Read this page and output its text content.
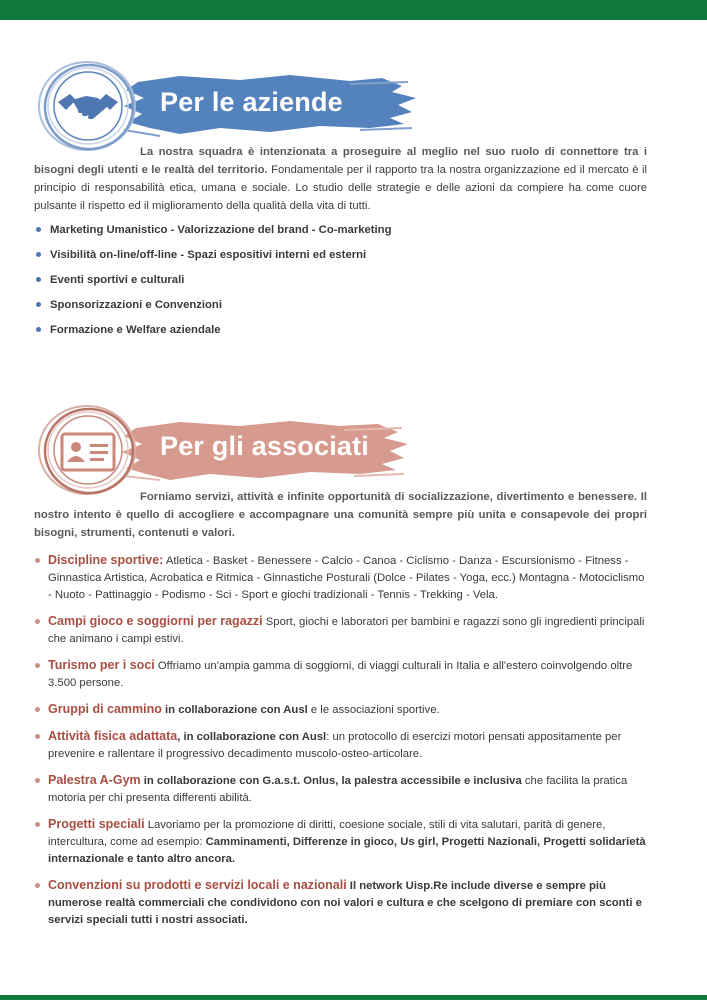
Per le aziende

La nostra squadra è intenzionata a proseguire al meglio nel suo ruolo di connettore tra i bisogni degli utenti e le realtà del territorio. Fondamentale per il rapporto tra la nostra organizzazione ed il mercato è il principio di responsabilità etica, umana e sociale. Lo studio delle strategie e delle azioni da compiere ha come cuore pulsante il rispetto ed il miglioramento della qualità della vita di tutti.

Marketing Umanistico - Valorizzazione del brand - Co-marketing
Visibilità on-line/off-line - Spazi espositivi interni ed esterni
Eventi sportivi e culturali
Sponsorizzazioni e Convenzioni
Formazione e Welfare aziendale
Per gli associati

Forniamo servizi, attività e infinite opportunità di socializzazione, divertimento e benessere. Il nostro intento è quello di accogliere e accompagnare una comunità sempre più unita e consapevole dei propri bisogni, strumenti, contenuti e valori.

Discipline sportive: Atletica - Basket - Benessere - Calcio - Canoa - Ciclismo - Danza - Escursionismo - Fitness - Ginnastica Artistica, Acrobatica e Ritmica - Ginnastiche Posturali (Dolce - Pilates - Yoga, ecc.) Montagna - Motociclismo - Nuoto - Pattinaggio - Podismo - Sci - Sport e giochi tradizionali - Tennis - Trekking - Vela.
Campi gioco e soggiorni per ragazzi Sport, giochi e laboratori per bambini e ragazzi sono gli ingredienti principali che animano i campi estivi.
Turismo per i soci Offriamo un'ampia gamma di soggiorni, di viaggi culturali in Italia e all'estero coinvolgendo oltre 3.500 persone.
Gruppi di cammino in collaborazione con Ausl e le associazioni sportive.
Attività fisica adattata, in collaborazione con Ausl: un protocollo di esercizi motori pensati appositamente per prevenire e rallentare il progressivo decadimento muscolo-osteo-articolare.
Palestra A-Gym in collaborazione con G.a.s.t. Onlus, la palestra accessibile e inclusiva che facilita la pratica motoria per chi presenta differenti abilità.
Progetti speciali Lavoriamo per la promozione di diritti, coesione sociale, stili di vita salutari, parità di genere, intercultura, come ad esempio: Camminamenti, Differenze in gioco, Us girl, Progetti Nazionali, Progetti solidarietà internazionale e tanto altro ancora.
Convenzioni su prodotti e servizi locali e nazionali Il network Uisp.Re include diverse e sempre più numerose realtà commerciali che condividono con noi valori e cultura e che scelgono di premiare con sconti e servizi speciali tutti i nostri associati.
